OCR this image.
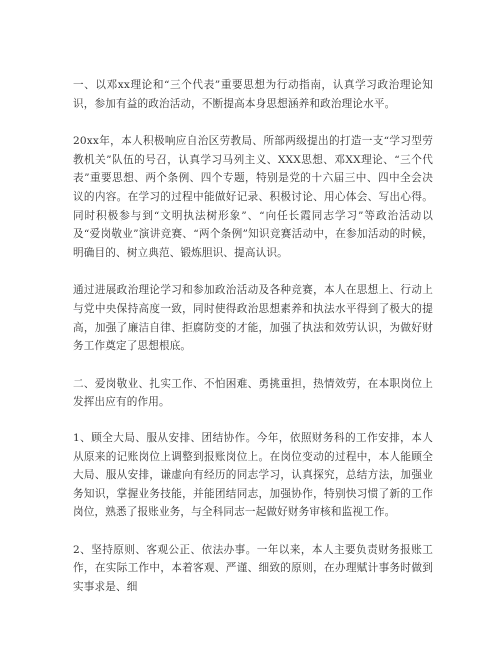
一、以邓xx理论和“三个代表”重要思想为行动指南，认真学习政治理论知识，参加有益的政治活动，不断提高本身思想涵养和政治理论水平。

20xx年，本人积极响应自治区劳教局、所部两级提出的打造一支“学习型劳教机关”队伍的号召，认真学习马列主义、XXX思想、邓XX理论、“三个代表”重要思想、两个条例、四个专题，特别是党的十六届三中、四中全会决议的内容。在学习的过程中能做好记录、积极讨论、用心体会、写出心得。同时积极参与到“文明执法树形象”、“向任长霞同志学习”等政治活动以及“爱岗敬业”演讲竞赛、“两个条例”知识竞赛活动中，在参加活动的时候，明确目的、树立典范、锻炼胆识、提高认识。

通过进展政治理论学习和参加政治活动及各种竞赛，本人在思想上、行动上与党中央保持高度一致，同时使得政治思想素养和执法水平得到了极大的提高，加强了廉洁自律、拒腐防变的才能，加强了执法和效劳认识，为做好财务工作奠定了思想根底。

二、爱岗敬业、扎实工作、不怕困难、勇挑重担，热情效劳，在本职岗位上发挥出应有的作用。

1、顾全大局、服从安排、团结协作。今年，依照财务科的工作安排，本人从原来的记账岗位上调整到报账岗位上。在岗位变动的过程中，本人能顾全大局、服从安排，谦虚向有经历的同志学习，认真探究，总结方法，加强业务知识，掌握业务技能，并能团结同志，加强协作，特别快习惯了新的工作岗位，熟悉了报账业务，与全科同志一起做好财务审核和监视工作。

2、坚持原则、客观公正、依法办事。一年以来，本人主要负责财务报账工作，在实际工作中，本着客观、严谨、细致的原则，在办理赋计事务时做到实事求是、细
